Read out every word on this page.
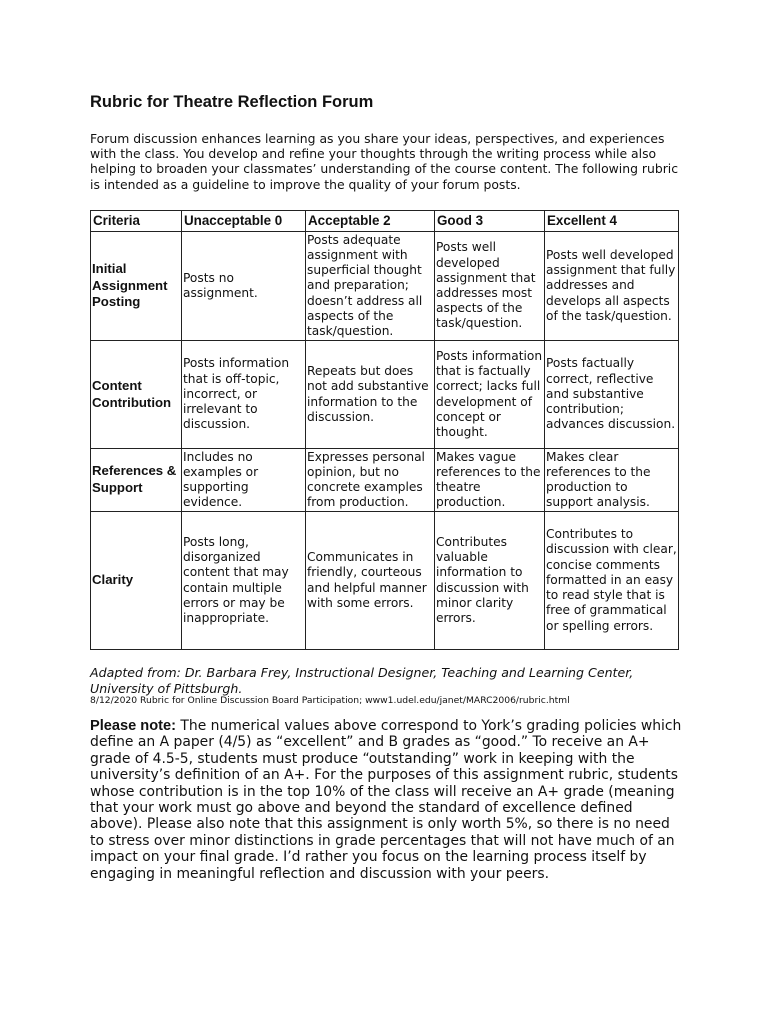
Rubric for Theatre Reflection Forum

Forum discussion enhances learning as you share your ideas, perspectives, and experiences with the class. You develop and refine your thoughts through the writing process while also helping to broaden your classmates’ understanding of the course content. The following rubric is intended as a guideline to improve the quality of your forum posts.

Criteria	Unacceptable 0	Acceptable 2	Good 3	Excellent 4
Initial Assignment Posting	Posts no assignment.	Posts adequate assignment with superficial thought and preparation; doesn’t address all aspects of the task/question.	Posts well developed assignment that addresses most aspects of the task/question.	Posts well developed assignment that fully addresses and develops all aspects of the task/question.
Content Contribution	Posts information that is off-topic, incorrect, or irrelevant to discussion.	Repeats but does not add substantive information to the discussion.	Posts information that is factually correct; lacks full development of concept or thought.	Posts factually correct, reflective and substantive contribution; advances discussion.
References & Support	Includes no examples or supporting evidence.	Expresses personal opinion, but no concrete examples from production.	Makes vague references to the theatre production.	Makes clear references to the production to support analysis.
Clarity	Posts long, disorganized content that may contain multiple errors or may be inappropriate.	Communicates in friendly, courteous and helpful manner with some errors.	Contributes valuable information to discussion with minor clarity errors.	Contributes to discussion with clear, concise comments formatted in an easy to read style that is free of grammatical or spelling errors.

Adapted from: Dr. Barbara Frey, Instructional Designer, Teaching and Learning Center, University of Pittsburgh.

8/12/2020 Rubric for Online Discussion Board Participation; www1.udel.edu/janet/MARC2006/rubric.html

Please note: The numerical values above correspond to York’s grading policies which define an A paper (4/5) as “excellent” and B grades as “good.” To receive an A+ grade of 4.5-5, students must produce “outstanding” work in keeping with the university’s definition of an A+. For the purposes of this assignment rubric, students whose contribution is in the top 10% of the class will receive an A+ grade (meaning that your work must go above and beyond the standard of excellence defined above). Please also note that this assignment is only worth 5%, so there is no need to stress over minor distinctions in grade percentages that will not have much of an impact on your final grade. I’d rather you focus on the learning process itself by engaging in meaningful reflection and discussion with your peers.
